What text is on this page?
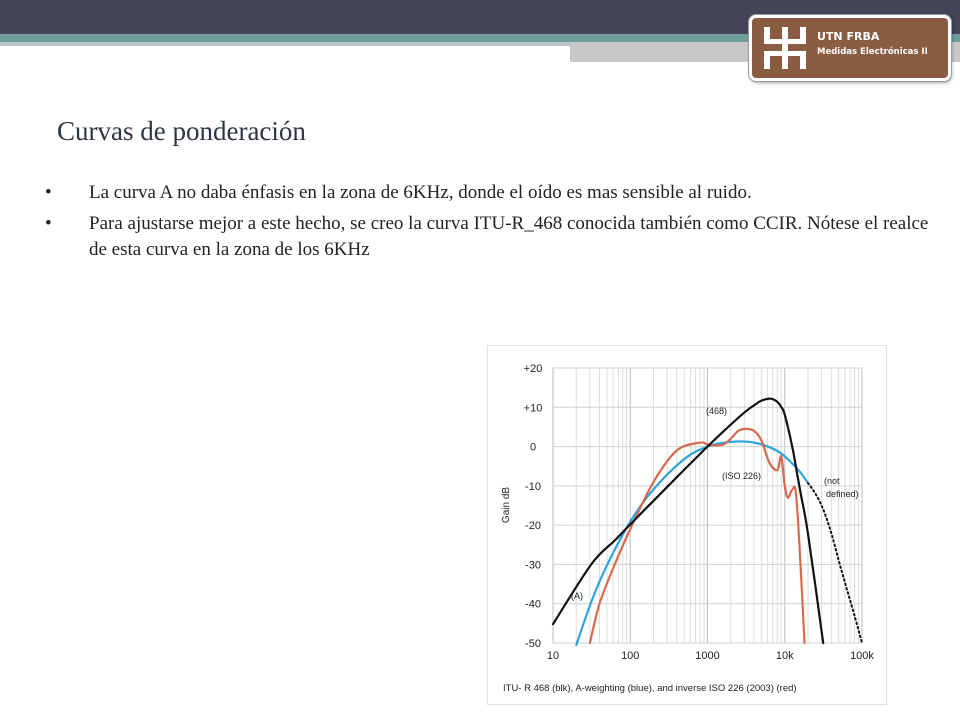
UTN FRBA
Medidas Electrónicas II
Curvas de ponderación
• La curva A no daba énfasis en la zona de 6KHz, donde el oído es mas sensible al ruido.
• Para ajustarse mejor a este hecho, se creo la curva ITU-R_468 conocida también como CCIR. Nótese el realce de esta curva en la zona de los 6KHz
10	100	1000	10k	100k
+20
+10
0
-10
-20
-30
-40
-50
Gain dB
(468)
(ISO 226)
(A)
(not defined)
ITU- R 468 (blk), A-weighting (blue), and inverse ISO 226 (2003) (red)
